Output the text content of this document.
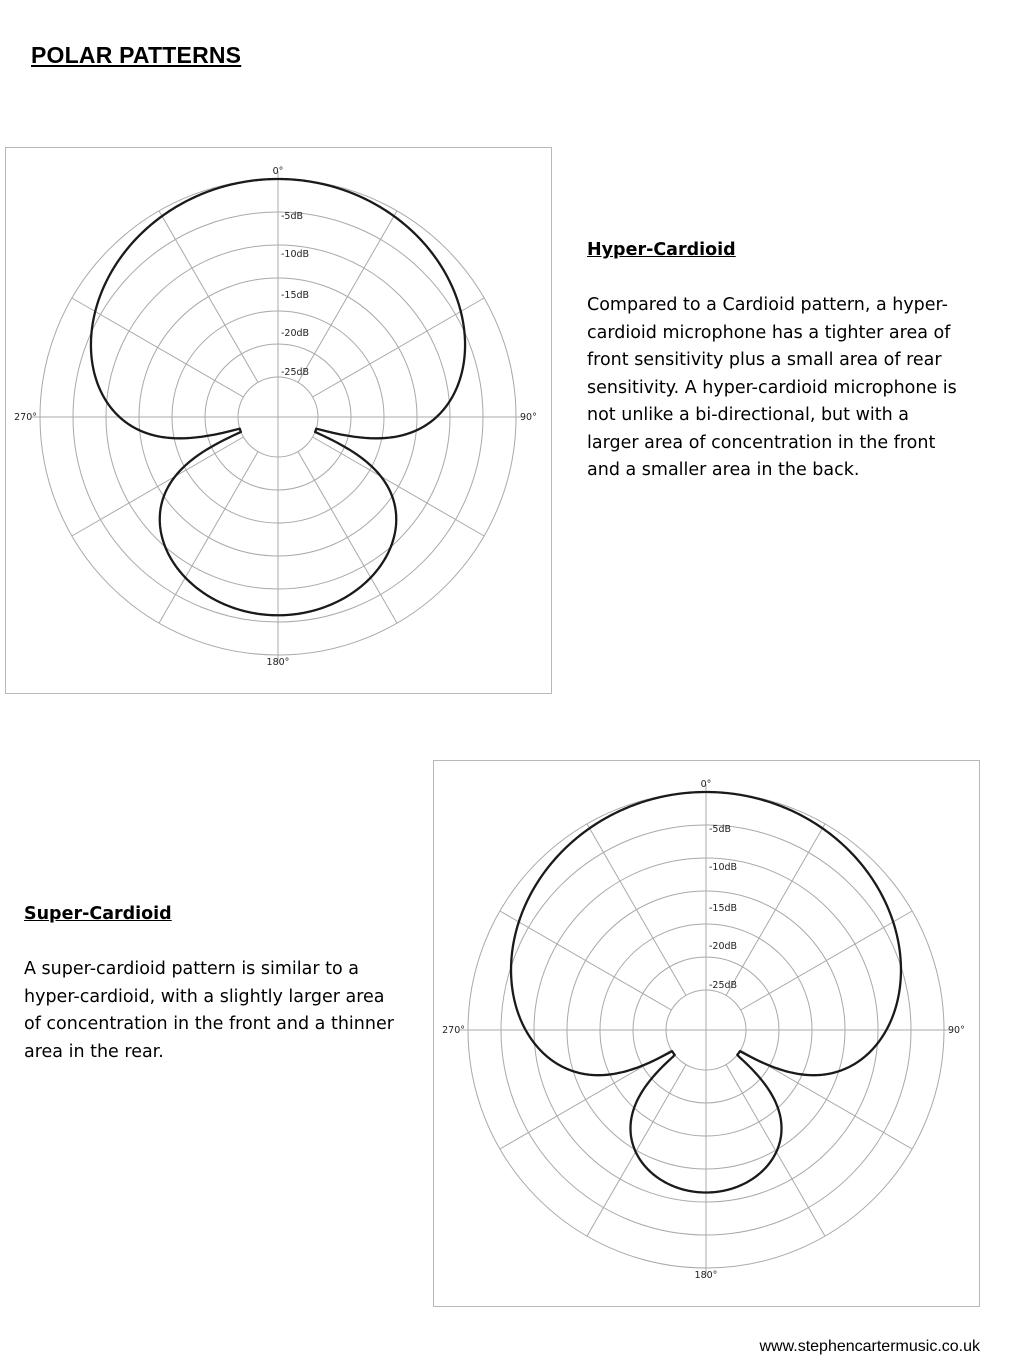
POLAR PATTERNS
0°
90°
180°
270°
-5dB
-10dB
-15dB
-20dB
-25dB
Hyper-Cardioid
Compared to a Cardioid pattern, a hyper-
cardioid microphone has a tighter area of
front sensitivity plus a small area of rear
sensitivity. A hyper-cardioid microphone is
not unlike a bi-directional, but with a
larger area of concentration in the front
and a smaller area in the back.
Super-Cardioid
A super-cardioid pattern is similar to a
hyper-cardioid, with a slightly larger area
of concentration in the front and a thinner
area in the rear.
0°
90°
180°
270°
-5dB
-10dB
-15dB
-20dB
-25dB
www.stephencartermusic.co.uk
